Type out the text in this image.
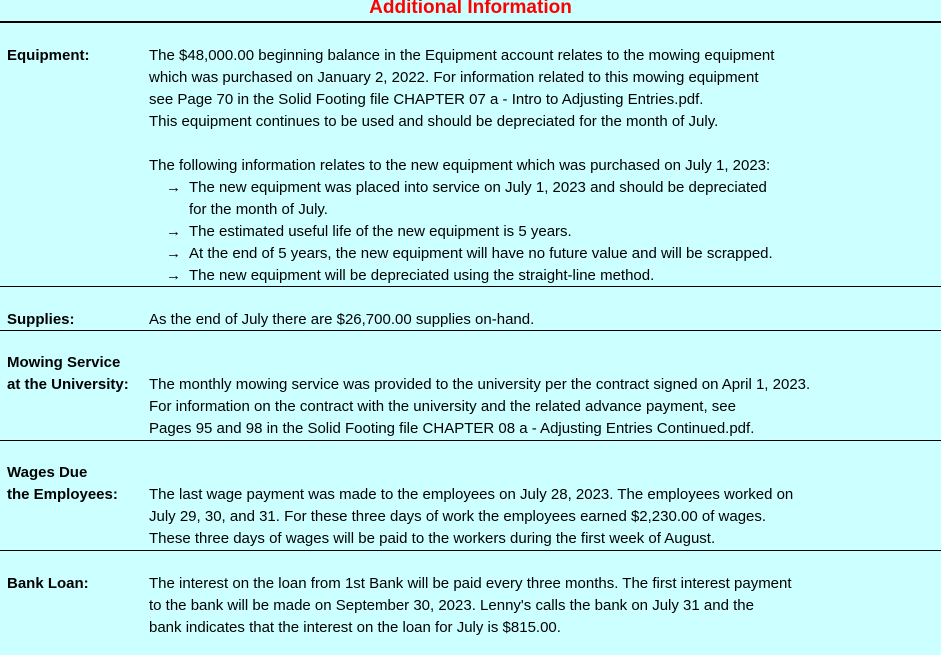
Additional Information
Equipment:	The $48,000.00 beginning balance in the Equipment account relates to the mowing equipment
which was purchased on January 2, 2022. For information related to this mowing equipment
see Page 70 in the Solid Footing file CHAPTER 07 a - Intro to Adjusting Entries.pdf.
This equipment continues to be used and should be depreciated for the month of July.
The following information relates to the new equipment which was purchased on July 1, 2023:
→ The new equipment was placed into service on July 1, 2023 and should be depreciated
for the month of July.
→ The estimated useful life of the new equipment is 5 years.
→ At the end of 5 years, the new equipment will have no future value and will be scrapped.
→ The new equipment will be depreciated using the straight-line method.
Supplies:	As the end of July there are $26,700.00 supplies on-hand.
Mowing Service
at the University: The monthly mowing service was provided to the university per the contract signed on April 1, 2023.
For information on the contract with the university and the related advance payment, see
Pages 95 and 98 in the Solid Footing file CHAPTER 08 a - Adjusting Entries Continued.pdf.
Wages Due
the Employees: The last wage payment was made to the employees on July 28, 2023. The employees worked on
July 29, 30, and 31. For these three days of work the employees earned $2,230.00 of wages.
These three days of wages will be paid to the workers during the first week of August.
Bank Loan:	The interest on the loan from 1st Bank will be paid every three months. The first interest payment
to the bank will be made on September 30, 2023. Lenny's calls the bank on July 31 and the
bank indicates that the interest on the loan for July is $815.00.
